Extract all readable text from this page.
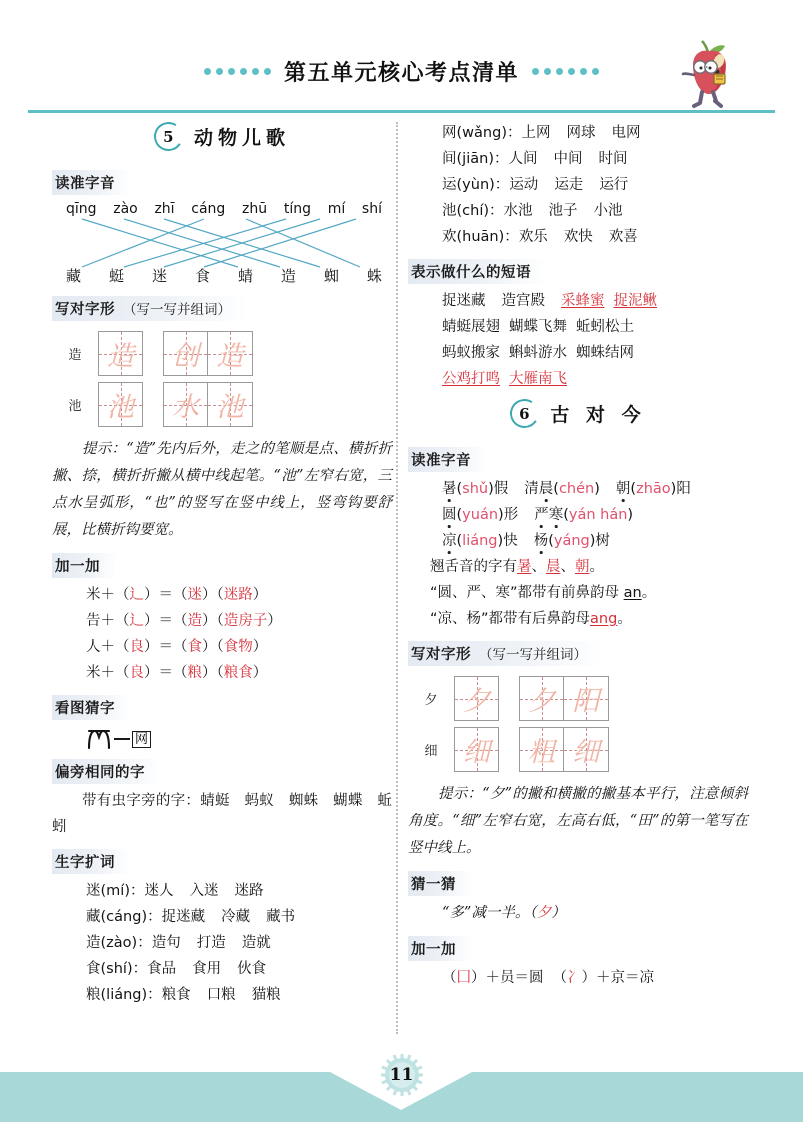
第五单元核心考点清单
5 动物儿歌
读准字音
qīng zào zhī cáng zhū tíng mí shí
藏 蜓 迷 食 蜻 造 蜘 蛛
写对字形 （写一写并组词）
造 造 创 造
池 池 水 池
提示：“造”先内后外，走之的笔顺是点、横折折撇、捺，横折折撇从横中线起笔。“池”左窄右宽，三点水呈弧形，“也”的竖写在竖中线上，竖弯钩要舒展，比横折钩要宽。
加一加
米＋（辶）＝（迷）（迷路）
告＋（辶）＝（造）（造房子）
人＋（良）＝（食）（食物）
米＋（良）＝（粮）（粮食）
看图猜字
网
偏旁相同的字
带有虫字旁的字：蜻蜓　蚂蚁　蜘蛛　蝴蝶　蚯蚓
生字扩词
迷(mí)：迷人 入迷 迷路
藏(cáng)：捉迷藏 冷藏 藏书
造(zào)：造句 打造 造就
食(shí)：食品 食用 伙食
粮(liáng)：粮食 口粮 猫粮
网(wǎng)：上网 网球 电网
间(jiān)：人间 中间 时间
运(yùn)：运动 运走 运行
池(chí)：水池 池子 小池
欢(huān)：欢乐 欢快 欢喜
表示做什么的短语
捉迷藏 造宫殿 采蜂蜜 捉泥鳅
蜻蜓展翅 蝴蝶飞舞 蚯蚓松土
蚂蚁搬家 蝌蚪游水 蜘蛛结网
公鸡打鸣 大雁南飞
6 古 对 今
读准字音
暑(shǔ)假 清晨(chén) 朝(zhāo)阳
圆(yuán)形 严寒(yán hán)
凉(liáng)快 杨(yáng)树
翘舌音的字有暑、晨、朝。
“圆、严、寒”都带有前鼻韵母 an。
“凉、杨”都带有后鼻韵母ang。
写对字形 （写一写并组词）
夕 夕 夕 阳
细 细 粗 细
提示：“夕”的撇和横撇的撇基本平行，注意倾斜角度。“细”左窄右宽，左高右低，“田”的第一笔写在竖中线上。
猜一猜
“多”减一半。（夕）
加一加
（囗）＋员＝圆 （冫）＋京＝凉
11
